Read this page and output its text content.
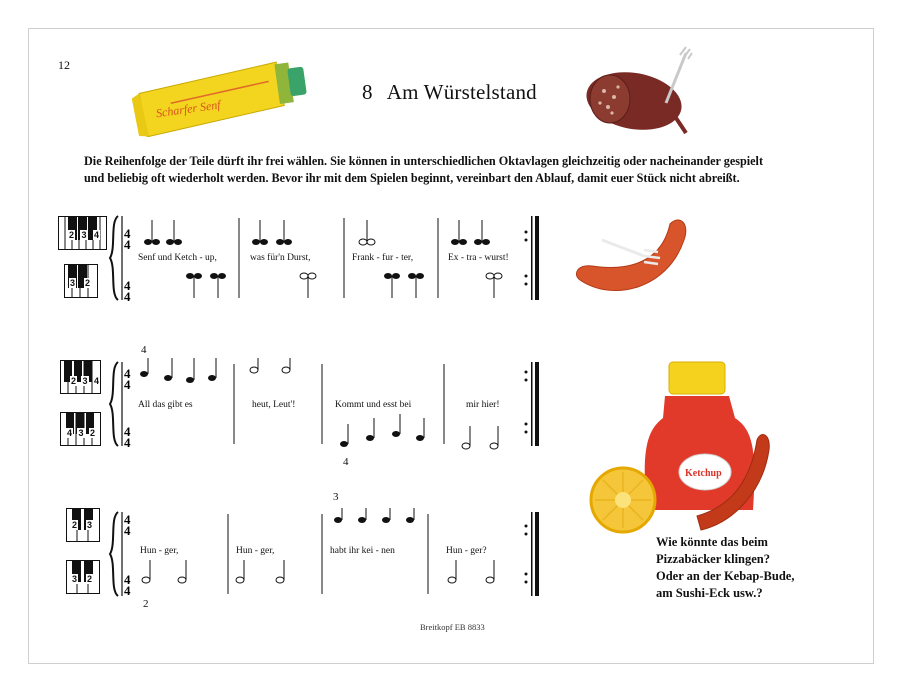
12
Scharfer Senf
8 Am Würstelstand
Die Reihenfolge der Teile dürft ihr frei wählen. Sie können in unterschiedlichen Oktavlagen gleichzeitig oder nacheinander gespielt und beliebig oft wiederholt werden. Bevor ihr mit dem Spielen beginnt, vereinbart den Ablauf, damit euer Stück nicht abreißt.
Ketchup
Wie könnte das beim
Pizzabäcker klingen?
Oder an der Kebap-Bude,
am Sushi-Eck usw.?
2 3 4
3 2
4
4
4
4
Senf und Ketch - up,	was für'n Durst,	Frank - fur - ter,	Ex - tra - wurst!
2 3 4
4 3 2
4
4
4
4
4
4
All das gibt es	heut, Leut'!	Kommt und esst bei	mir hier!
2 3
3 2
4
4
4
4
3
2
Hun - ger,	Hun - ger,	habt ihr kei - nen	Hun - ger?
Breitkopf EB 8833
